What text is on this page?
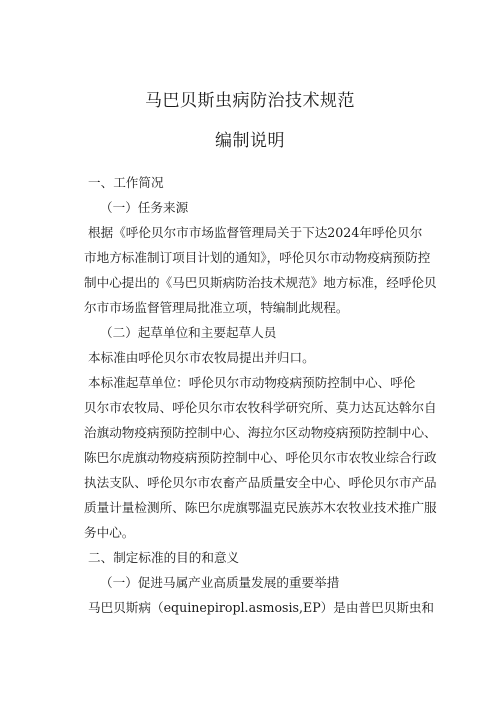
马巴贝斯虫病防治技术规范

编制说明

一、工作简况

（一）任务来源

根据《呼伦贝尔市市场监督管理局关于下达2024年呼伦贝尔
市地方标准制订项目计划的通知》，呼伦贝尔市动物疫病预防控
制中心提出的《马巴贝斯病防治技术规范》地方标准，经呼伦贝
尔市市场监督管理局批准立项，特编制此规程。

（二）起草单位和主要起草人员

本标准由呼伦贝尔市农牧局提出并归口。
本标准起草单位：呼伦贝尔市动物疫病预防控制中心、呼伦
贝尔市农牧局、呼伦贝尔市农牧科学研究所、莫力达瓦达斡尔自
治旗动物疫病预防控制中心、海拉尔区动物疫病预防控制中心、
陈巴尔虎旗动物疫病预防控制中心、呼伦贝尔市农牧业综合行政
执法支队、呼伦贝尔市农畜产品质量安全中心、呼伦贝尔市产品
质量计量检测所、陈巴尔虎旗鄂温克民族苏木农牧业技术推广服
务中心。

二、制定标准的目的和意义

（一）促进马属产业高质量发展的重要举措

马巴贝斯病（equinepiropl.asmosis,EP）是由普巴贝斯虫和
